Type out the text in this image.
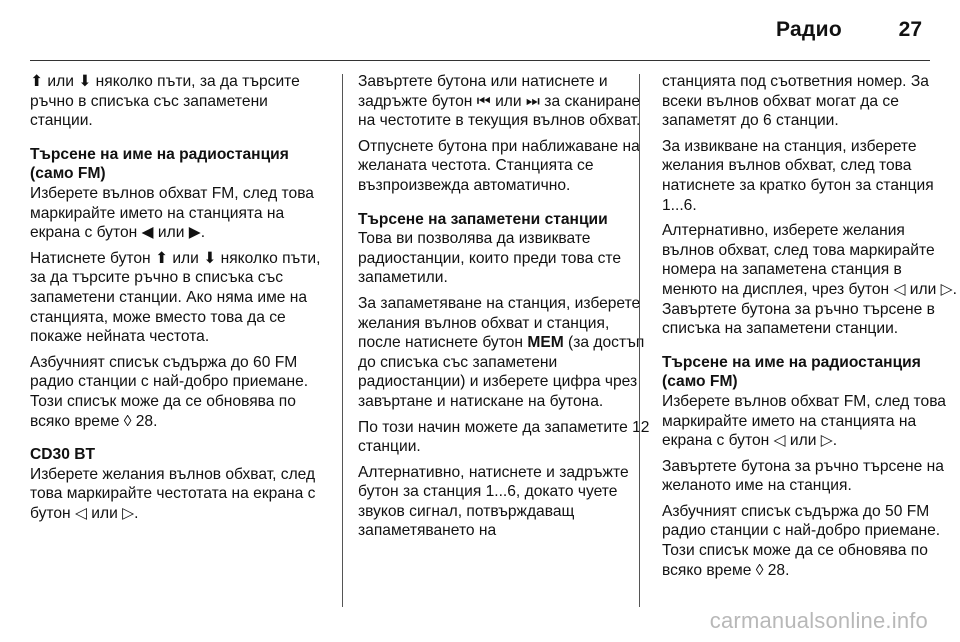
Радио	27

⬆ или ⬇ няколко пъти, за да търсите ръчно в списъка със запаметени станции.

Търсене на име на радиостанция (само FM)

Изберете вълнов обхват FM, след това маркирайте името на станцията на екрана с бутон ◀ или ▶.

Натиснете бутон ⬆ или ⬇ няколко пъти, за да търсите ръчно в списъка със запаметени станции. Ако няма име на станцията, може вместо това да се покаже нейната честота.

Азбучният списък съдържа до 60 FM радио станции с най-добро приемане. Този списък може да се обновява по всяко време ◊ 28.

CD30 BT

Изберете желания вълнов обхват, след това маркирайте честотата на екрана с бутон ◁ или ▷.

Завъртете бутона или натиснете и задръжте бутон ⏮ или ⏭ за сканиране на честотите в текущия вълнов обхват.

Отпуснете бутона при наближаване на желаната честота. Станцията се възпроизвежда автоматично.

Търсене на запаметени станции

Това ви позволява да извиквате радиостанции, които преди това сте запаметили.

За запаметяване на станция, изберете желания вълнов обхват и станция, после натиснете бутон MEM (за достъп до списъка със запаметени радиостанции) и изберете цифра чрез завъртане и натискане на бутона.

По този начин можете да запаметите 12 станции.

Алтернативно, натиснете и задръжте бутон за станция 1...6, докато чуете звуков сигнал, потвърждаващ запаметяването на

станцията под съответния номер. За всеки вълнов обхват могат да се запаметят до 6 станции.

За извикване на станция, изберете желания вълнов обхват, след това натиснете за кратко бутон за станция 1...6.

Алтернативно, изберете желания вълнов обхват, след това маркирайте номера на запаметена станция в менюто на дисплея, чрез бутон ◁ или ▷. Завъртете бутона за ръчно търсене в списъка на запаметени станции.

Търсене на име на радиостанция (само FM)

Изберете вълнов обхват FM, след това маркирайте името на станцията на екрана с бутон ◁ или ▷.

Завъртете бутона за ръчно търсене на желаното име на станция.

Азбучният списък съдържа до 50 FM радио станции с най-добро приемане. Този списък може да се обновява по всяко време ◊ 28.

carmanualsonline.info
